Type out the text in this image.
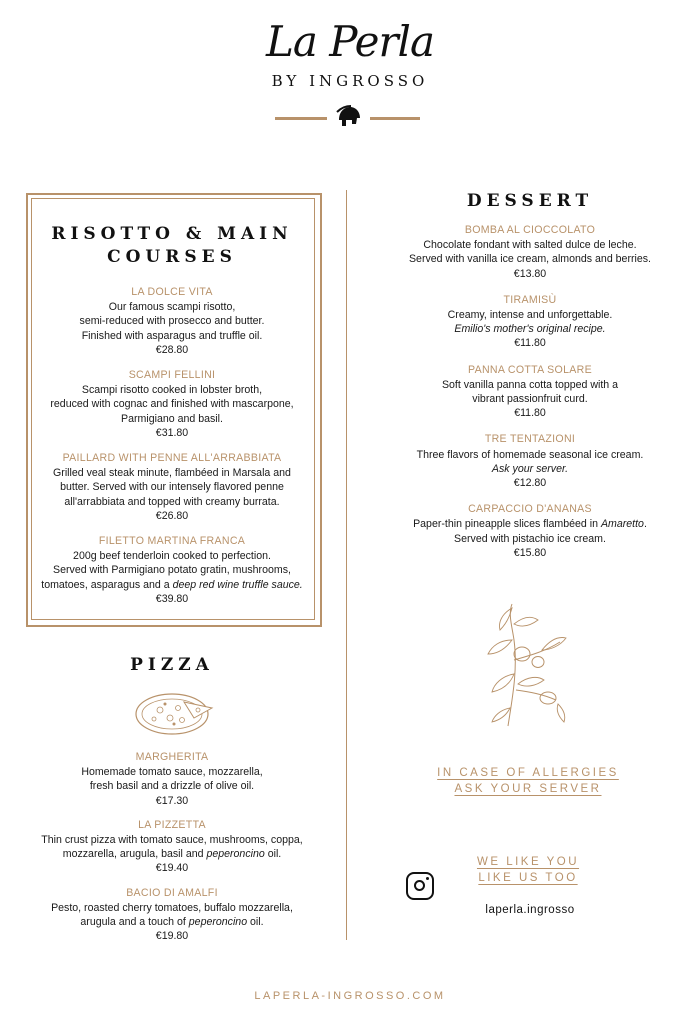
La Perla
BY INGROSSO
RISOTTO & MAIN
COURSES
LA DOLCE VITA
Our famous scampi risotto,
semi-reduced with prosecco and butter.
Finished with asparagus and truffle oil.
€28.80
SCAMPI FELLINI
Scampi risotto cooked in lobster broth,
reduced with cognac and finished with mascarpone,
Parmigiano and basil.
€31.80
PAILLARD WITH PENNE ALL'ARRABBIATA
Grilled veal steak minute, flambéed in Marsala and
butter. Served with our intensely flavored penne
all'arrabbiata and topped with creamy burrata.
€26.80
FILETTO MARTINA FRANCA
200g beef tenderloin cooked to perfection.
Served with Parmigiano potato gratin, mushrooms,
tomatoes, asparagus and a deep red wine truffle sauce.
€39.80
PIZZA
MARGHERITA
Homemade tomato sauce, mozzarella,
fresh basil and a drizzle of olive oil.
€17.30
LA PIZZETTA
Thin crust pizza with tomato sauce, mushrooms, coppa,
mozzarella, arugula, basil and peperoncino oil.
€19.40
BACIO DI AMALFI
Pesto, roasted cherry tomatoes, buffalo mozzarella,
arugula and a touch of peperoncino oil.
€19.80
DESSERT
BOMBA AL CIOCCOLATO
Chocolate fondant with salted dulce de leche.
Served with vanilla ice cream, almonds and berries.
€13.80
TIRAMISÙ
Creamy, intense and unforgettable.
Emilio's mother's original recipe.
€11.80
PANNA COTTA SOLARE
Soft vanilla panna cotta topped with a
vibrant passionfruit curd.
€11.80
TRE TENTAZIONI
Three flavors of homemade seasonal ice cream.
Ask your server.
€12.80
CARPACCIO D'ANANAS
Paper-thin pineapple slices flambéed in Amaretto.
Served with pistachio ice cream.
€15.80
IN CASE OF ALLERGIES
ASK YOUR SERVER
WE LIKE YOU
LIKE US TOO
laperla.ingrosso
LAPERLA-INGROSSO.COM
